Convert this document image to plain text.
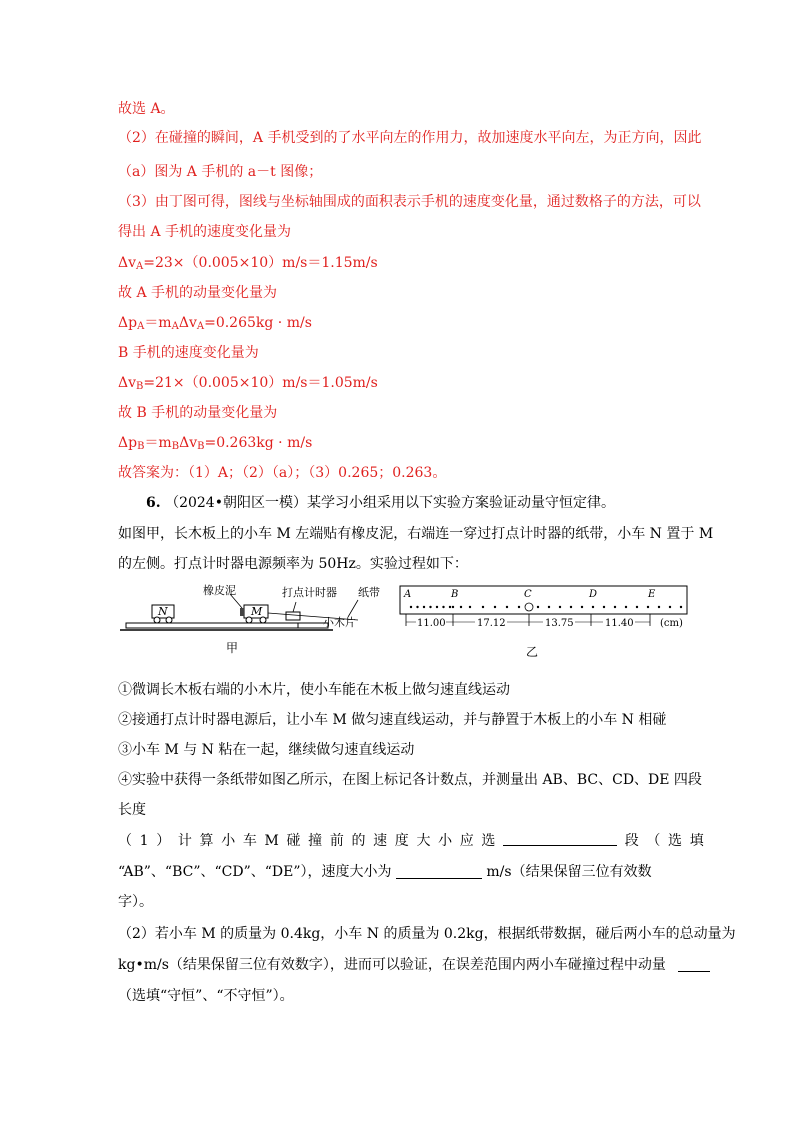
故选 A。
（2）在碰撞的瞬间，A 手机受到的了水平向左的作用力，故加速度水平向左，为正方向，因此
（a）图为 A 手机的 a－t 图像；
（3）由丁图可得，图线与坐标轴围成的面积表示手机的速度变化量，通过数格子的方法，可以
得出 A 手机的速度变化量为
ΔvA=23×（0.005×10）m/s＝1.15m/s
故 A 手机的动量变化量为
ΔpA＝mAΔvA=0.265kg · m/s
B 手机的速度变化量为
ΔvB=21×（0.005×10）m/s＝1.05m/s
故 B 手机的动量变化量为
ΔpB＝mBΔvB=0.263kg · m/s
故答案为：（1）A；（2）（a）；（3）0.265；0.263。
6. （2024•朝阳区一模）某学习小组采用以下实验方案验证动量守恒定律。
如图甲，长木板上的小车 M 左端贴有橡皮泥，右端连一穿过打点计时器的纸带，小车 N 置于 M
的左侧。打点计时器电源频率为 50Hz。实验过程如下：
N	M
橡皮泥	打点计时器 纸带
小木片
A	B	C	D	E
11.00	17.12	13.75	11.40	(cm)
甲	乙
①微调长木板右端的小木片，使小车能在木板上做匀速直线运动
②接通打点计时器电源后，让小车 M 做匀速直线运动，并与静置于木板上的小车 N 相碰
③小车 M 与 N 粘在一起，继续做匀速直线运动
④实验中获得一条纸带如图乙所示，在图上标记各计数点，并测量出 AB、BC、CD、DE 四段
长度
（ 1 ） 计 算 小 车 M 碰 撞 前 的 速 度 大 小 应 选	段 （ 选 填
“AB”、“BC”、“CD”、“DE”），速度大小为	m/s（结果保留三位有效数
字）。
（2）若小车 M 的质量为 0.4kg，小车 N 的质量为 0.2kg，根据纸带数据，碰后两小车的总动量为
kg•m/s（结果保留三位有效数字），进而可以验证，在误差范围内两小车碰撞过程中动量
（选填“守恒”、“不守恒”）。
